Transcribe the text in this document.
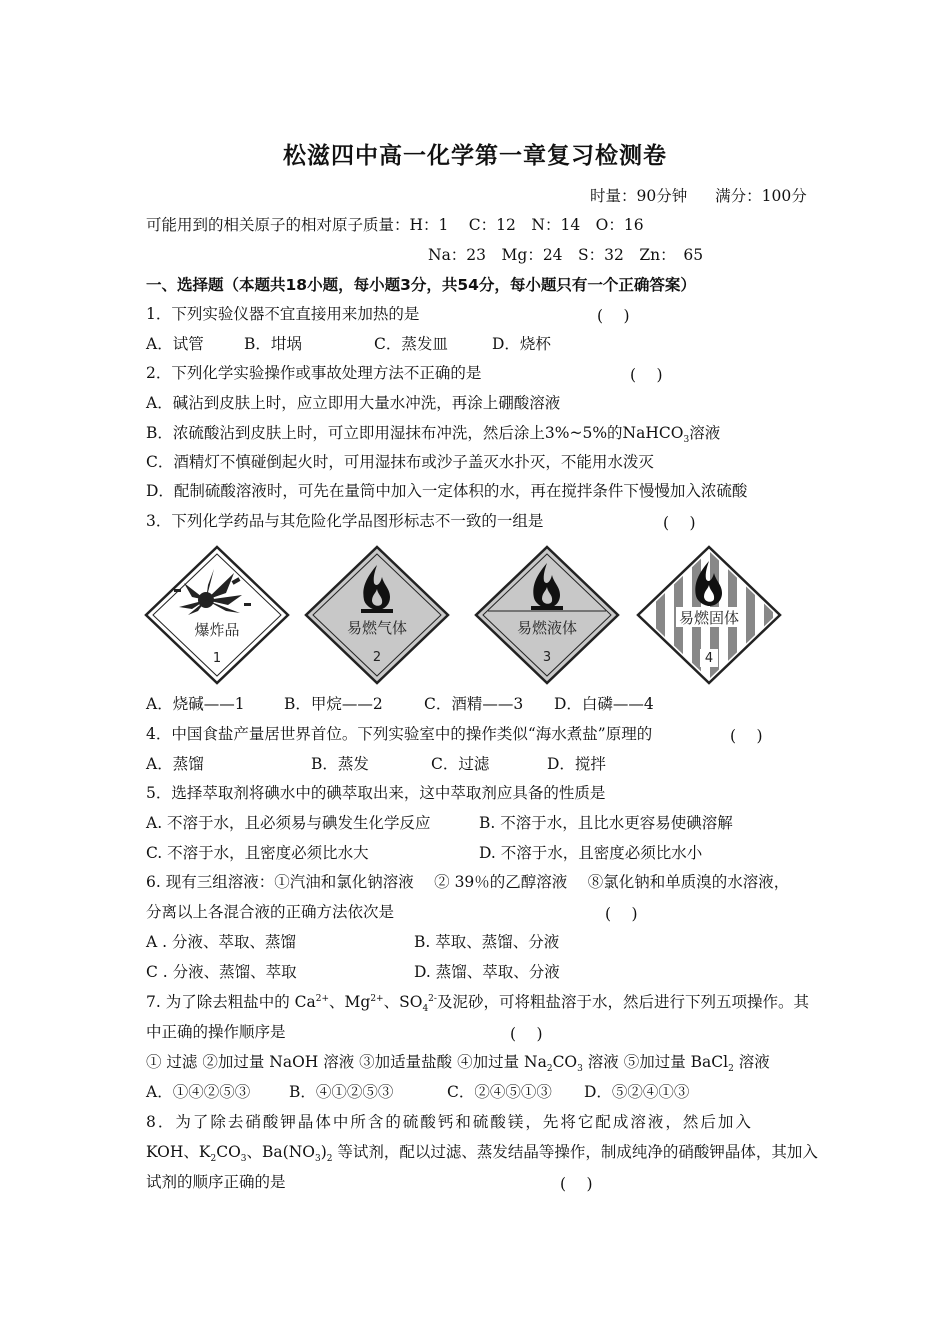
松滋四中高一化学第一章复习检测卷
时量：90分钟 满分：100分
可能用到的相关原子的相对原子质量：H：1　 C：12　N：14　O：16
Na：23　Mg：24　S：32　Zn：　65
一、选择题（本题共18小题，每小题3分，共54分，每小题只有一个正确答案）
1．下列实验仪器不宜直接用来加热的是	(　 )
A．试管	B．坩埚	C．蒸发皿	D．烧杯
2．下列化学实验操作或事故处理方法不正确的是	(　 )
A．碱沾到皮肤上时，应立即用大量水冲洗，再涂上硼酸溶液
B．浓硫酸沾到皮肤上时，可立即用湿抹布冲洗，然后涂上3%~5%的NaHCO$_3$溶液
C．酒精灯不慎碰倒起火时，可用湿抹布或沙子盖灭水扑灭，不能用水泼灭
D．配制硫酸溶液时，可先在量筒中加入一定体积的水，再在搅拌条件下慢慢加入浓硫酸
3．下列化学药品与其危险化学品图形标志不一致的一组是	(　 )
爆炸品
1
易燃气体
2
易燃液体
3
易燃固体
4
A．烧碱——1	B．甲烷——2	C．酒精——3 D．白磷——4
4．中国食盐产量居世界首位。下列实验室中的操作类似“海水煮盐”原理的	(　 )
A．蒸馏	B．蒸发	C．过滤	D．搅拌
5．选择萃取剂将碘水中的碘萃取出来，这中萃取剂应具备的性质是
A. 不溶于水，且必须易与碘发生化学反应	B. 不溶于水，且比水更容易使碘溶解
C. 不溶于水，且密度必须比水大	D. 不溶于水，且密度必须比水小
6. 现有三组溶液：①汽油和氯化钠溶液　 ② 39％的乙醇溶液　 ⑧氯化钠和单质溴的水溶液，
分离以上各混合液的正确方法依次是	(　 )
A . 分液、萃取、蒸馏	B. 萃取、蒸馏、分液
C . 分液、蒸馏、萃取	D. 蒸馏、萃取、分液
7. 为了除去粗盐中的 $Ca^{2+}$、$Mg^{2+}$、$SO_4^{2-}$及泥砂，可将粗盐溶于水，然后进行下列五项操作。其
中正确的操作顺序是	(　 )
① 过滤 ②加过量 NaOH 溶液 ③加适量盐酸 ④加过量 $Na_2CO_3$ 溶液 ⑤加过量 BaCl$_2$ 溶液
A．①④②⑤③	B．④①②⑤③	C．②④⑤①③ D．⑤②④①③
8．为了除去硝酸钾晶体中所含的硫酸钙和硫酸镁，先将它配成溶液，然后加入
KOH、$K_2CO_3$、$Ba(NO_3)_2$ 等试剂，配以过滤、蒸发结晶等操作，制成纯净的硝酸钾晶体，其加入
试剂的顺序正确的是	(　 )
